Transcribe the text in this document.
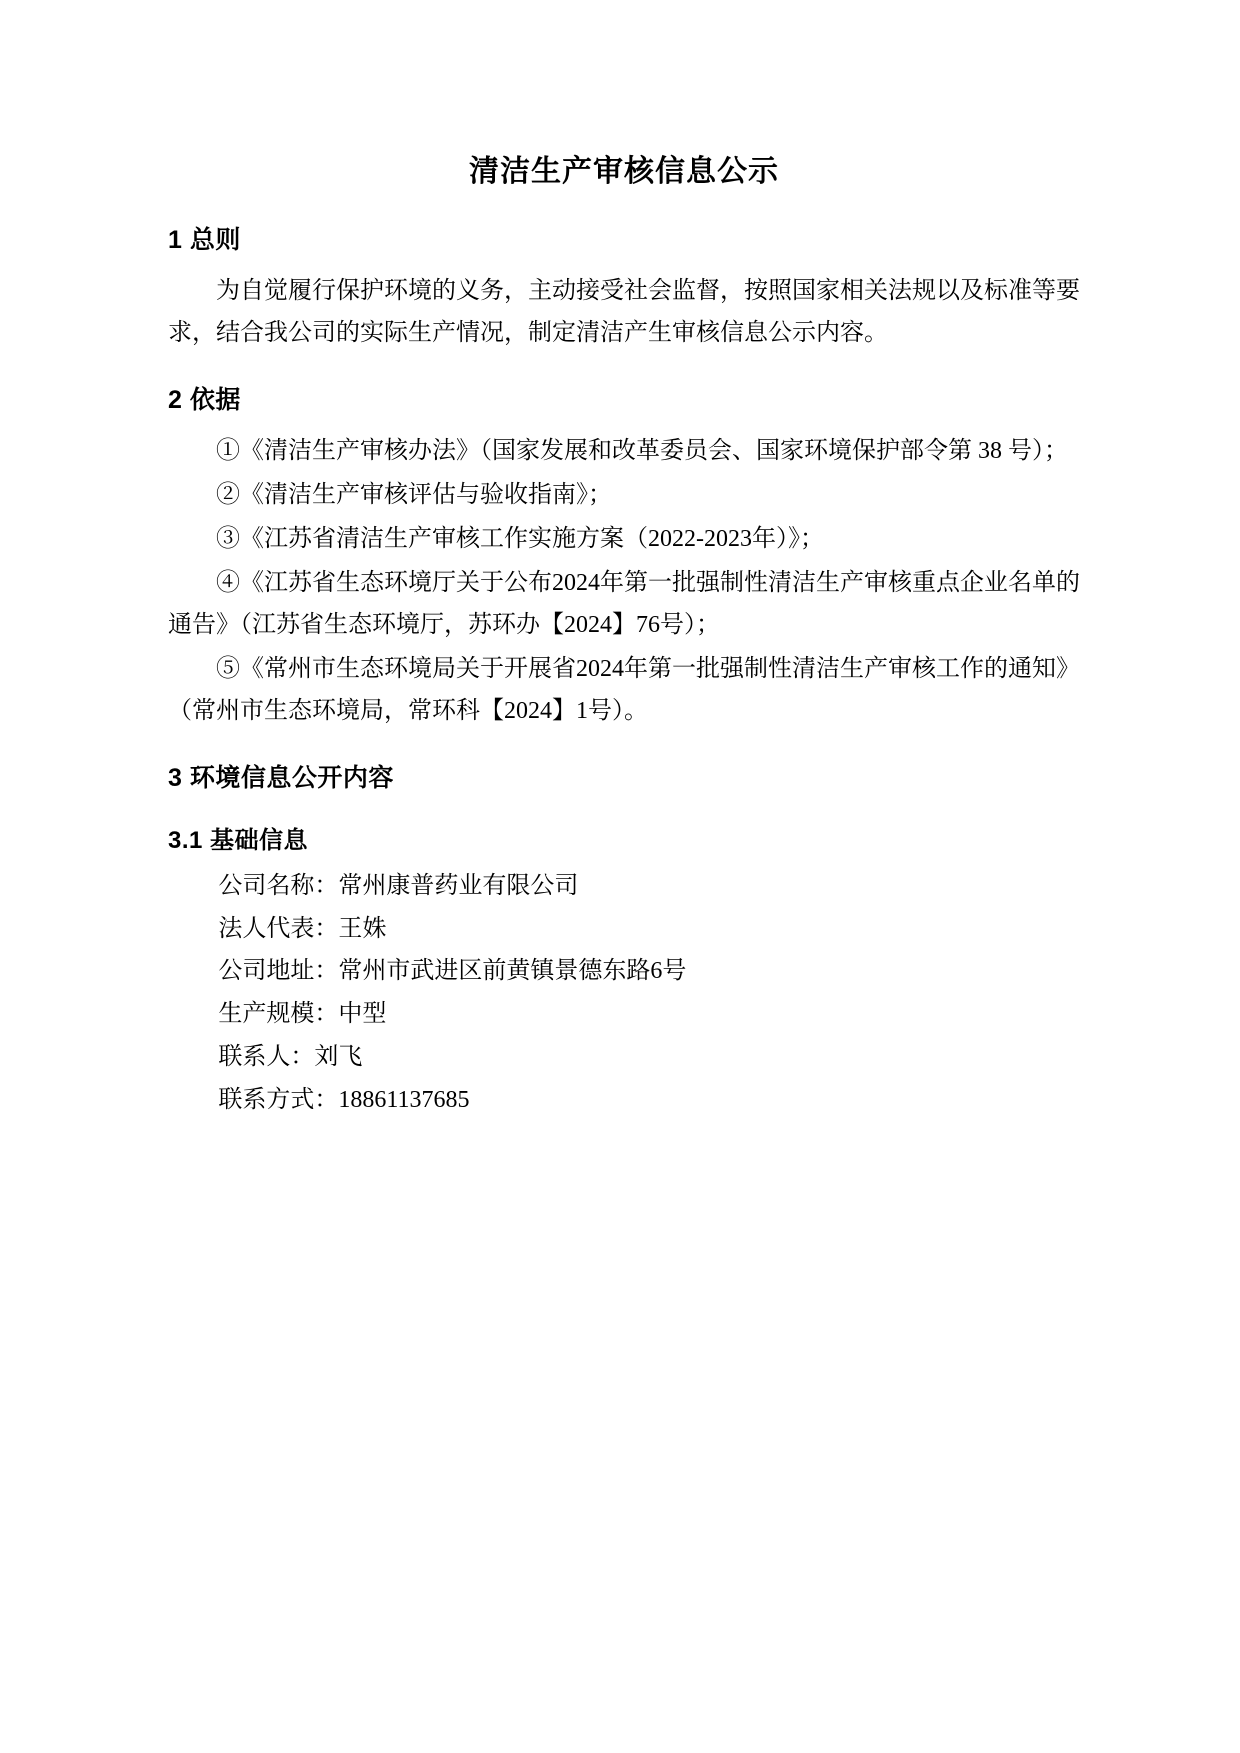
清洁生产审核信息公示
1 总则

为自觉履行保护环境的义务，主动接受社会监督，按照国家相关法规以及标准等要求，结合我公司的实际生产情况，制定清洁产生审核信息公示内容。

2 依据

①《清洁生产审核办法》（国家发展和改革委员会、国家环境保护部令第 38 号）；

②《清洁生产审核评估与验收指南》；

③《江苏省清洁生产审核工作实施方案（2022-2023年）》；

④《江苏省生态环境厅关于公布2024年第一批强制性清洁生产审核重点企业名单的通告》（江苏省生态环境厅，苏环办【2024】76号）；

⑤《常州市生态环境局关于开展省2024年第一批强制性清洁生产审核工作的通知》（常州市生态环境局，常环科【2024】1号）。

3 环境信息公开内容
3.1 基础信息
公司名称：常州康普药业有限公司
法人代表：王姝
公司地址：常州市武进区前黄镇景德东路6号
生产规模：中型
联系人：刘飞
联系方式：18861137685
